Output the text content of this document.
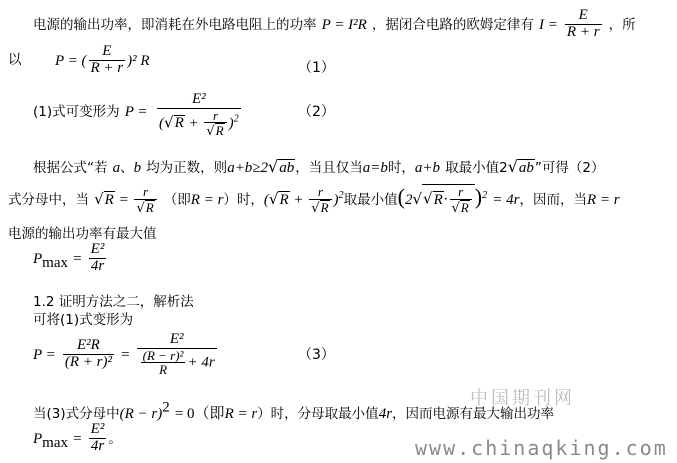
电源的输出功率，即消耗在外电路电阻上的功率 P = I²R ，据闭合电路的欧姆定律有 $I = \frac{E}{R + r}$ ，所
以 P = ( $\frac{E}{R + r} )^2$ R	（1）
(1)式可变形为 $P = \frac{\text{E²}}{(√R + \frac{r}{√R} )^2}$	（2）
根据公式“若 a、b 均为正数，则a+b≥2√ab，当且仅当a=b时，a+b 取最小值2√ab”可得（2）
式分母中，当 $√R = \frac{r}{√R}$ （即R = r）时，$(√R + \frac{r}{√R} )^2$取最小值$(2√√R\cdot \frac{r}{√R} )^2 = 4r$，因而，当R = r
电源的输出功率有最大值
$P_{max} = \frac{\text{E²}}{4r}$
1.2 证明方法之二，解析法
可将(1)式变形为
$P = \frac{\text{E²R}}{\text{(R + r)²}} = \frac{\text{E²}}{\frac{\text{(R − r)²}}{R} + 4r}$	（3）
当(3)式分母中$(R - r)^2 = 0$（即R = r）时，分母取最小值4r，因而电源有最大输出功率
$P_{max} = \frac{\text{E²}}{4r}$ 。
中国期刊网
www.chinaqking.com
